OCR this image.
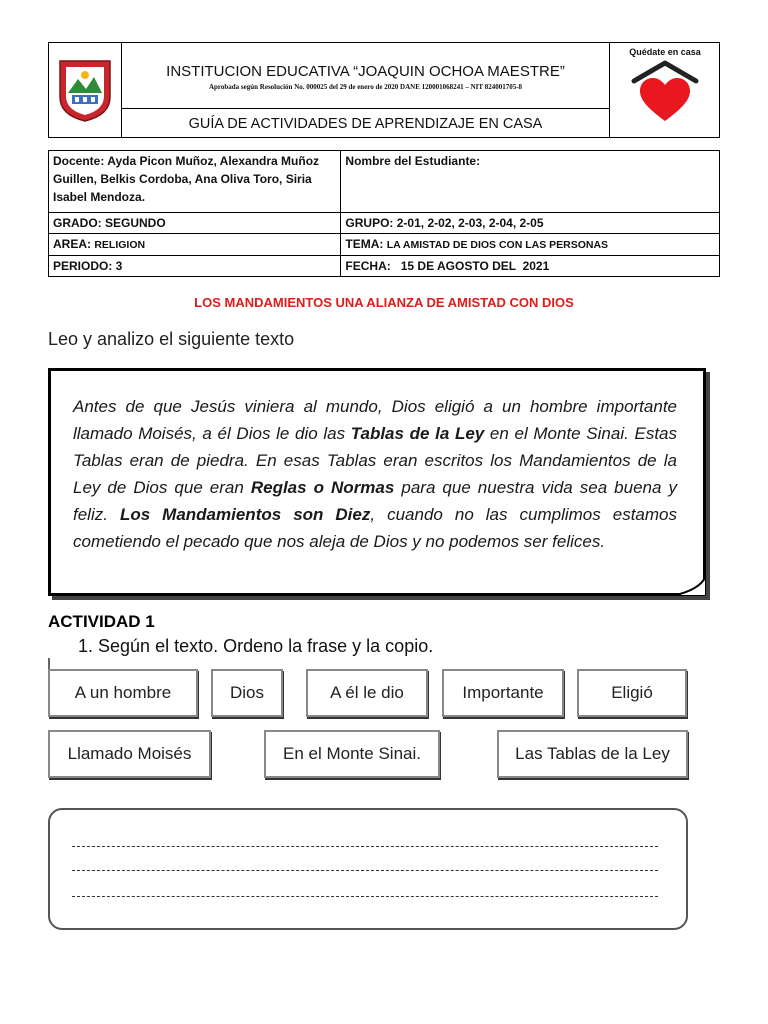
INSTITUCION EDUCATIVA “JOAQUIN OCHOA MAESTRE”
Aprobada según Resolución No. 000025 del 29 de enero de 2020 DANE 120001068241 – NIT 824001705-8
GUÍA DE ACTIVIDADES DE APRENDIZAJE EN CASA
Quédate en casa
Docente: Ayda Picon Muñoz, Alexandra Muñoz Guillen, Belkis Cordoba, Ana Oliva Toro, Siria Isabel Mendoza.	Nombre del Estudiante:
GRADO: SEGUNDO	GRUPO: 2-01, 2-02, 2-03, 2-04, 2-05
AREA: RELIGION	TEMA: LA AMISTAD DE DIOS CON LAS PERSONAS
PERIODO: 3	FECHA:   15 DE AGOSTO DEL  2021
LOS MANDAMIENTOS UNA ALIANZA DE AMISTAD CON DIOS
Leo y analizo el siguiente texto

Antes de que Jesús viniera al mundo, Dios eligió a un hombre importante llamado Moisés, a él Dios le dio las Tablas de la Ley en el Monte Sinai. Estas Tablas eran de piedra. En esas Tablas eran escritos los Mandamientos de la Ley de Dios que eran Reglas o Normas para que nuestra vida sea buena y feliz. Los Mandamientos son Diez, cuando no las cumplimos estamos cometiendo el pecado que nos aleja de Dios y no podemos ser felices.

ACTIVIDAD 1
1. Según el texto. Ordeno la frase y la copio.
A un hombre	Dios	A él le dio	Importante	Eligió
Llamado Moisés	En el Monte Sinai.	Las Tablas de la Ley
